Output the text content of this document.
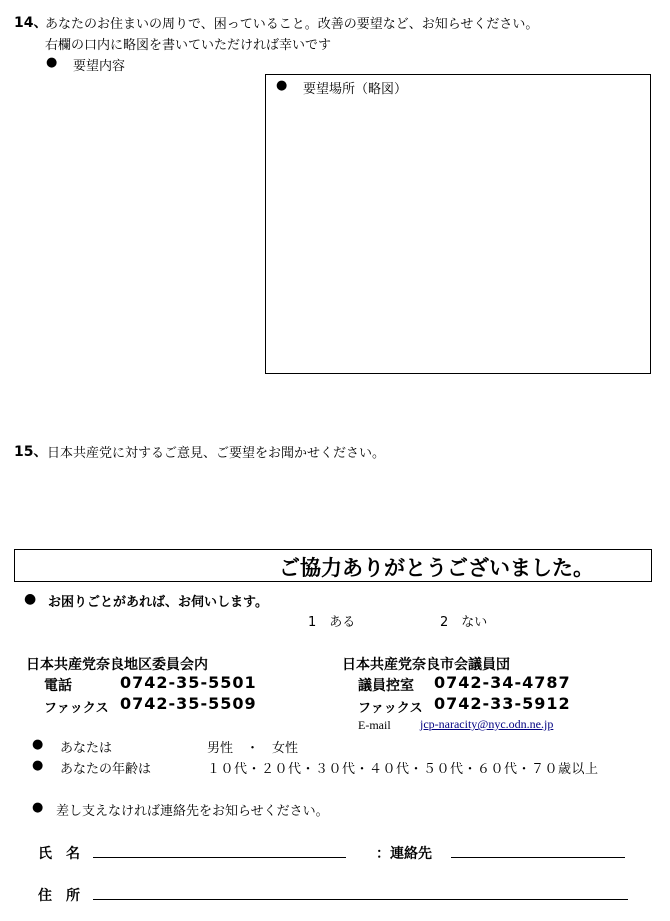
14、
あなたのお住まいの周りで、困っていること。改善の要望など、お知らせください。
右欄の口内に略図を書いていただければ幸いです
● 要望内容
● 要望場所（略図）
15、 日本共産党に対するご意見、ご要望をお聞かせください。
ご協力ありがとうございました。
● お困りごとがあれば、お伺いします。
1　ある	2　ない
日本共産党奈良地区委員会内
電話	0742-35-5501
ファックス 0742-35-5509
日本共産党奈良市会議員団
議員控室 0742-34-4787
ファックス 0742-33-5912
E-mail jcp-naracity@nyc.odn.ne.jp
● あなたは	男性　・　女性
● あなたの年齢は	１０代・２０代・３０代・４０代・５０代・６０代・７０歳以上
● 差し支えなければ連絡先をお知らせください。
氏　名	：連絡先
住　所
